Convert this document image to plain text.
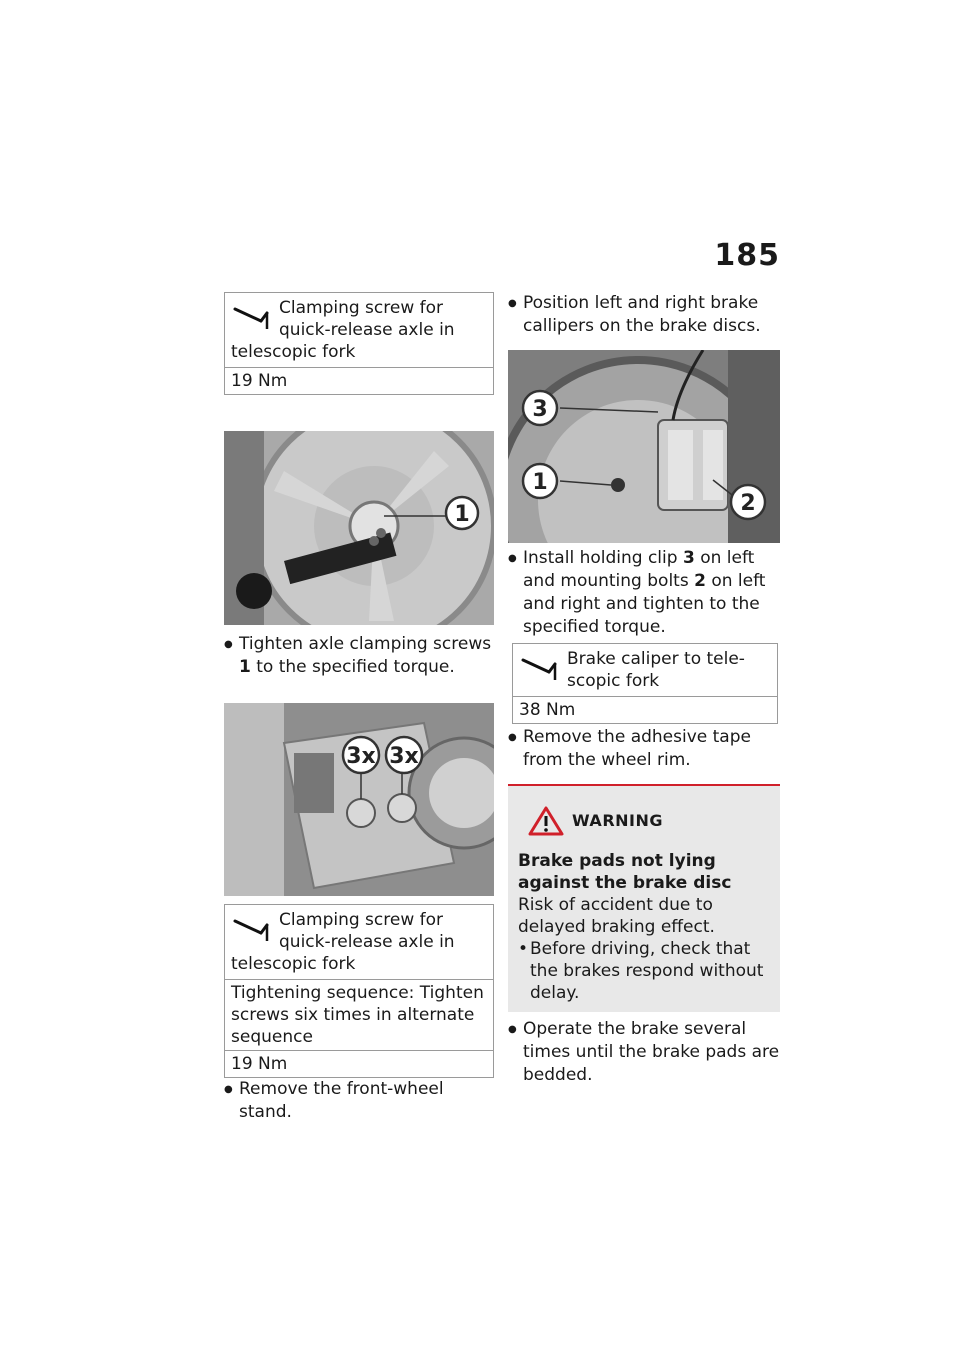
185
Clamping screw for
quick-release axle in
telescopic fork
19 Nm
1
● Tighten axle clamping screws 1 to the specified torque.
3x 3x
Clamping screw for
quick-release axle in
telescopic fork
Tightening sequence: Tighten screws six times in alternate sequence
19 Nm
● Remove the front-wheel stand.
● Position left and right brake callipers on the brake discs.
3
1
2
● Install holding clip 3 on left and mounting bolts 2 on left and right and tighten to the specified torque.
Brake caliper to tele-
scopic fork
38 Nm
● Remove the adhesive tape from the wheel rim.
WARNING
Brake pads not lying against the brake disc
Risk of accident due to delayed braking effect.
• Before driving, check that the brakes respond without delay.
● Operate the brake several times until the brake pads are bedded.
